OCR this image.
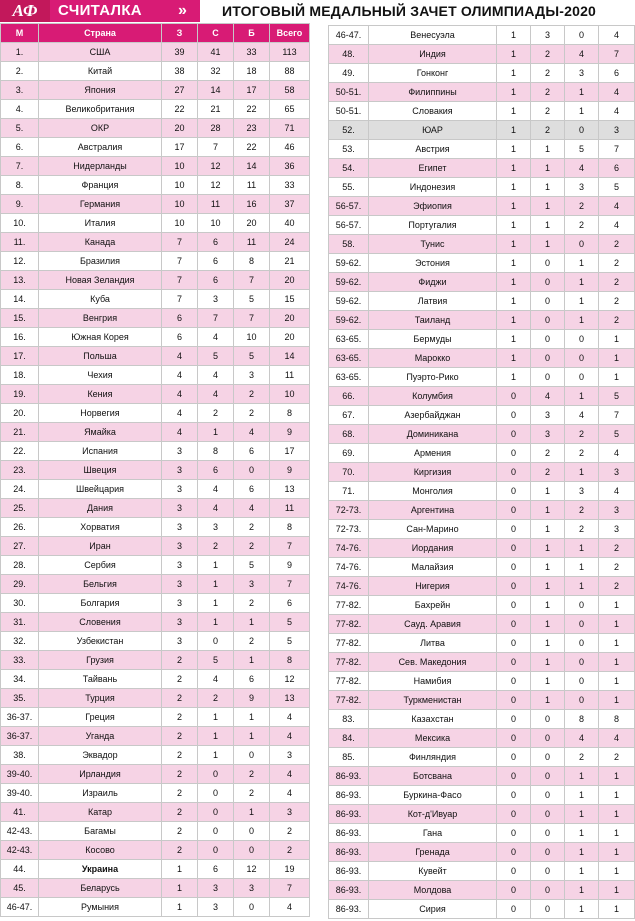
АФ	СЧИТАЛКА »	ИТОГОВЫЙ МЕДАЛЬНЫЙ ЗАЧЕТ ОЛИМПИАДЫ-2020
М	Страна	З	С	Б	Всего
1.	США	39	41	33	113
2.	Китай	38	32	18	88
3.	Япония	27	14	17	58
4.	Великобритания	22	21	22	65
5.	ОКР	20	28	23	71
6.	Австралия	17	7	22	46
7.	Нидерланды	10	12	14	36
8.	Франция	10	12	11	33
9.	Германия	10	11	16	37
10.	Италия	10	10	20	40
11.	Канада	7	6	11	24
12.	Бразилия	7	6	8	21
13.	Новая Зеландия	7	6	7	20
14.	Куба	7	3	5	15
15.	Венгрия	6	7	7	20
16.	Южная Корея	6	4	10	20
17.	Польша	4	5	5	14
18.	Чехия	4	4	3	11
19.	Кения	4	4	2	10
20.	Норвегия	4	2	2	8
21.	Ямайка	4	1	4	9
22.	Испания	3	8	6	17
23.	Швеция	3	6	0	9
24.	Швейцария	3	4	6	13
25.	Дания	3	4	4	11
26.	Хорватия	3	3	2	8
27.	Иран	3	2	2	7
28.	Сербия	3	1	5	9
29.	Бельгия	3	1	3	7
30.	Болгария	3	1	2	6
31.	Словения	3	1	1	5
32.	Узбекистан	3	0	2	5
33.	Грузия	2	5	1	8
34.	Тайвань	2	4	6	12
35.	Турция	2	2	9	13
36-37.	Греция	2	1	1	4
36-37.	Уганда	2	1	1	4
38.	Эквадор	2	1	0	3
39-40.	Ирландия	2	0	2	4
39-40.	Израиль	2	0	2	4
41.	Катар	2	0	1	3
42-43.	Багамы	2	0	0	2
42-43.	Косово	2	0	0	2
44.	Украина	1	6	12	19
45.	Беларусь	1	3	3	7
46-47.	Румыния	1	3	0	4
46-47.	Венесуэла	1	3	0	4
48.	Индия	1	2	4	7
49.	Гонконг	1	2	3	6
50-51.	Филиппины	1	2	1	4
50-51.	Словакия	1	2	1	4
52.	ЮАР	1	2	0	3
53.	Австрия	1	1	5	7
54.	Египет	1	1	4	6
55.	Индонезия	1	1	3	5
56-57.	Эфиопия	1	1	2	4
56-57.	Португалия	1	1	2	4
58.	Тунис	1	1	0	2
59-62.	Эстония	1	0	1	2
59-62.	Фиджи	1	0	1	2
59-62.	Латвия	1	0	1	2
59-62.	Таиланд	1	0	1	2
63-65.	Бермуды	1	0	0	1
63-65.	Марокко	1	0	0	1
63-65.	Пуэрто-Рико	1	0	0	1
66.	Колумбия	0	4	1	5
67.	Азербайджан	0	3	4	7
68.	Доминикана	0	3	2	5
69.	Армения	0	2	2	4
70.	Киргизия	0	2	1	3
71.	Монголия	0	1	3	4
72-73.	Аргентина	0	1	2	3
72-73.	Сан-Марино	0	1	2	3
74-76.	Иордания	0	1	1	2
74-76.	Малайзия	0	1	1	2
74-76.	Нигерия	0	1	1	2
77-82.	Бахрейн	0	1	0	1
77-82.	Сауд. Аравия	0	1	0	1
77-82.	Литва	0	1	0	1
77-82.	Сев. Македония	0	1	0	1
77-82.	Намибия	0	1	0	1
77-82.	Туркменистан	0	1	0	1
83.	Казахстан	0	0	8	8
84.	Мексика	0	0	4	4
85.	Финляндия	0	0	2	2
86-93.	Ботсвана	0	0	1	1
86-93.	Буркина-Фасо	0	0	1	1
86-93.	Кот-д'Ивуар	0	0	1	1
86-93.	Гана	0	0	1	1
86-93.	Гренада	0	0	1	1
86-93.	Кувейт	0	0	1	1
86-93.	Молдова	0	0	1	1
86-93.	Сирия	0	0	1	1
